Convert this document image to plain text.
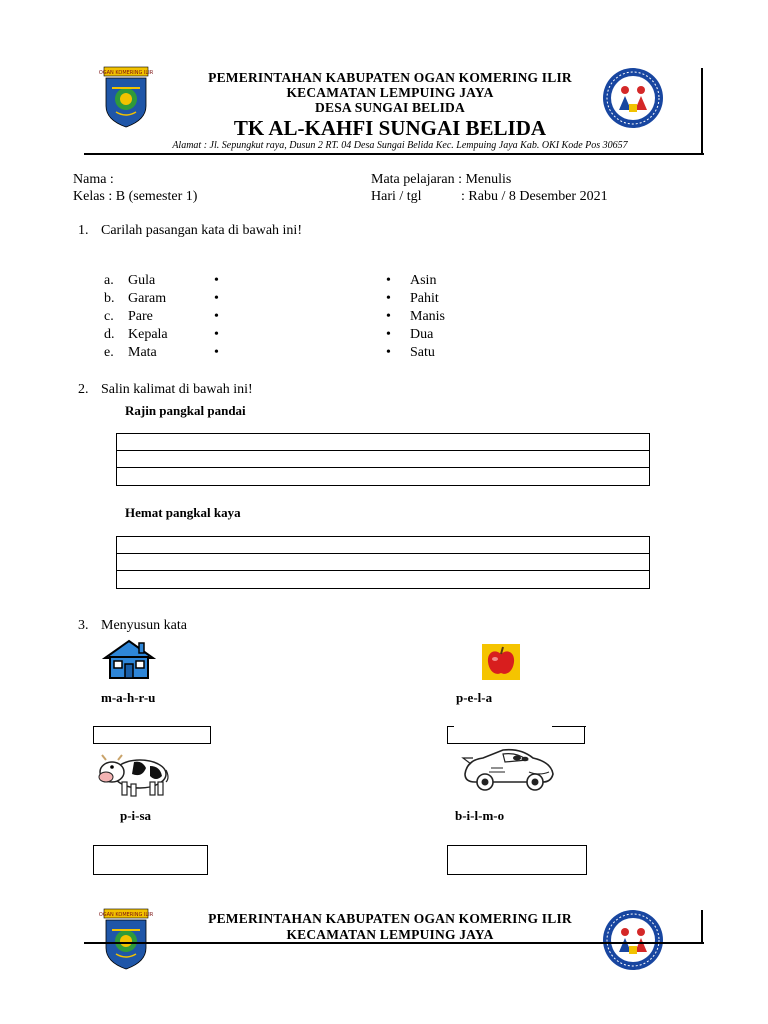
OGAN KOMERING ILIR	PEMERINTAHAN KABUPATEN OGAN KOMERING ILIR
KECAMATAN LEMPUING JAYA
DESA SUNGAI BELIDA
TK AL-KAHFI SUNGAI BELIDA
Alamat : Jl. Sepungkut raya, Dusun 2 RT. 04 Desa Sungai Belida Kec. Lempuing Jaya Kab. OKI Kode Pos 30657
Nama :
Kelas : B (semester 1)
Mata pelajaran : Menulis
Hari / tgl	: Rabu / 8 Desember 2021
1. Carilah pasangan kata di bawah ini!
a. Gula	•
b. Garam	•
c. Pare	•
d. Kepala	•
e. Mata	•
• Asin
• Pahit
• Manis
• Dua
• Satu
2. Salin kalimat di bawah ini!
Rajin pangkal pandai
Hemat pangkal kaya
3. Menyusun kata
m-a-h-r-u	p-e-l-a
p-i-sa	b-i-l-m-o
OGAN KOMERING ILIR	PEMERINTAHAN KABUPATEN OGAN KOMERING ILIR
KECAMATAN LEMPUING JAYA
